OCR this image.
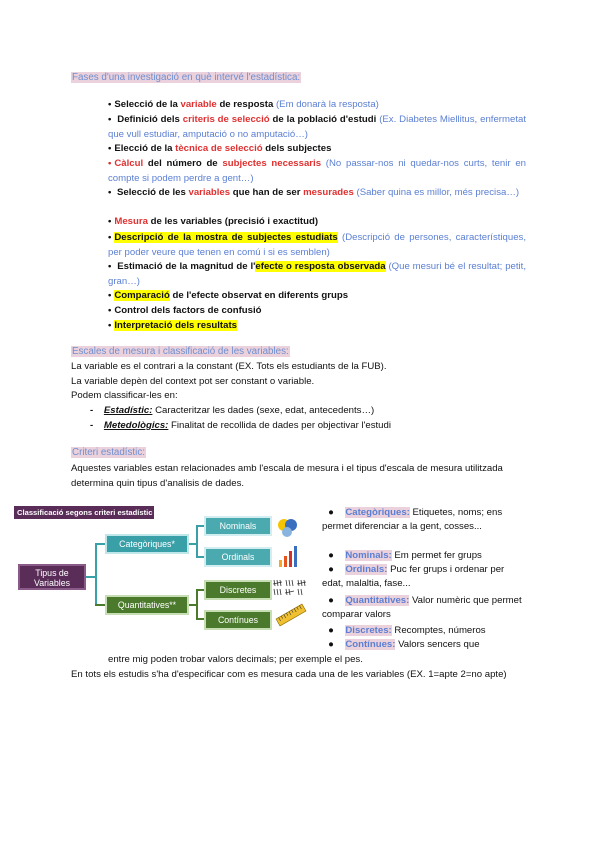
Fases d'una investigació en què intervé l'estadística:
• Selecció de la variable de resposta (Em donarà la resposta)
• Definició dels criteris de selecció de la població d'estudi (Ex. Diabetes Miellitus, enfermetat que vull estudiar, amputació o no amputació…)
• Elecció de la tècnica de selecció dels subjectes
• Càlcul del número de subjectes necessaris (No passar-nos ni quedar-nos curts, tenir en compte si podem perdre a gent…)
• Selecció de les variables que han de ser mesurades (Saber quina es millor, més precisa…)
• Mesura de les variables (precisió i exactitud)
• Descripció de la mostra de subjectes estudiats (Descripció de persones, característiques, per poder veure que tenen en comú i si es semblen)
• Estimació de la magnitud de l'efecte o resposta observada (Que mesuri bé el resultat; petit, gran…)
• Comparació de l'efecte observat en diferents grups
• Control dels factors de confusió
• Interpretació dels resultats
Escales de mesura i classificació de les variables:
La variable es el contrari a la constant (EX. Tots els estudiants de la FUB).
La variable depèn del context pot ser constant o variable.
Podem classificar-les en:
- Estadístic: Caracteritzar les dades (sexe, edat, antecedents…)
- Metedològics: Finalitat de recollida de dades per objectivar l'estudi
Criteri estadístic:
Aquestes variables estan relacionades amb l'escala de mesura i el tipus d'escala de mesura utilitzada determina quin tipus d'analisis de dades.
Classificació segons criteri estadístic
Tipus de Variables
Categòriques*
Quantitatives**
Nominals
Ordinals
Discretes
Contínues
● Categòriques: Etiquetes, noms; ens permet diferenciar a la gent, cosses...
● Nominals: Em permet fer grups
● Ordinals: Puc fer grups i ordenar per edat, malaltia, fase...
● Quantitatives: Valor numèric que permet comparar valors
● Discretes: Recomptes, números
● Contínues: Valors sencers que
entre mig poden trobar valors decimals; per exemple el pes.
En tots els estudis s'ha d'especificar com es mesura cada una de les variables (EX. 1=apte 2=no apte)
